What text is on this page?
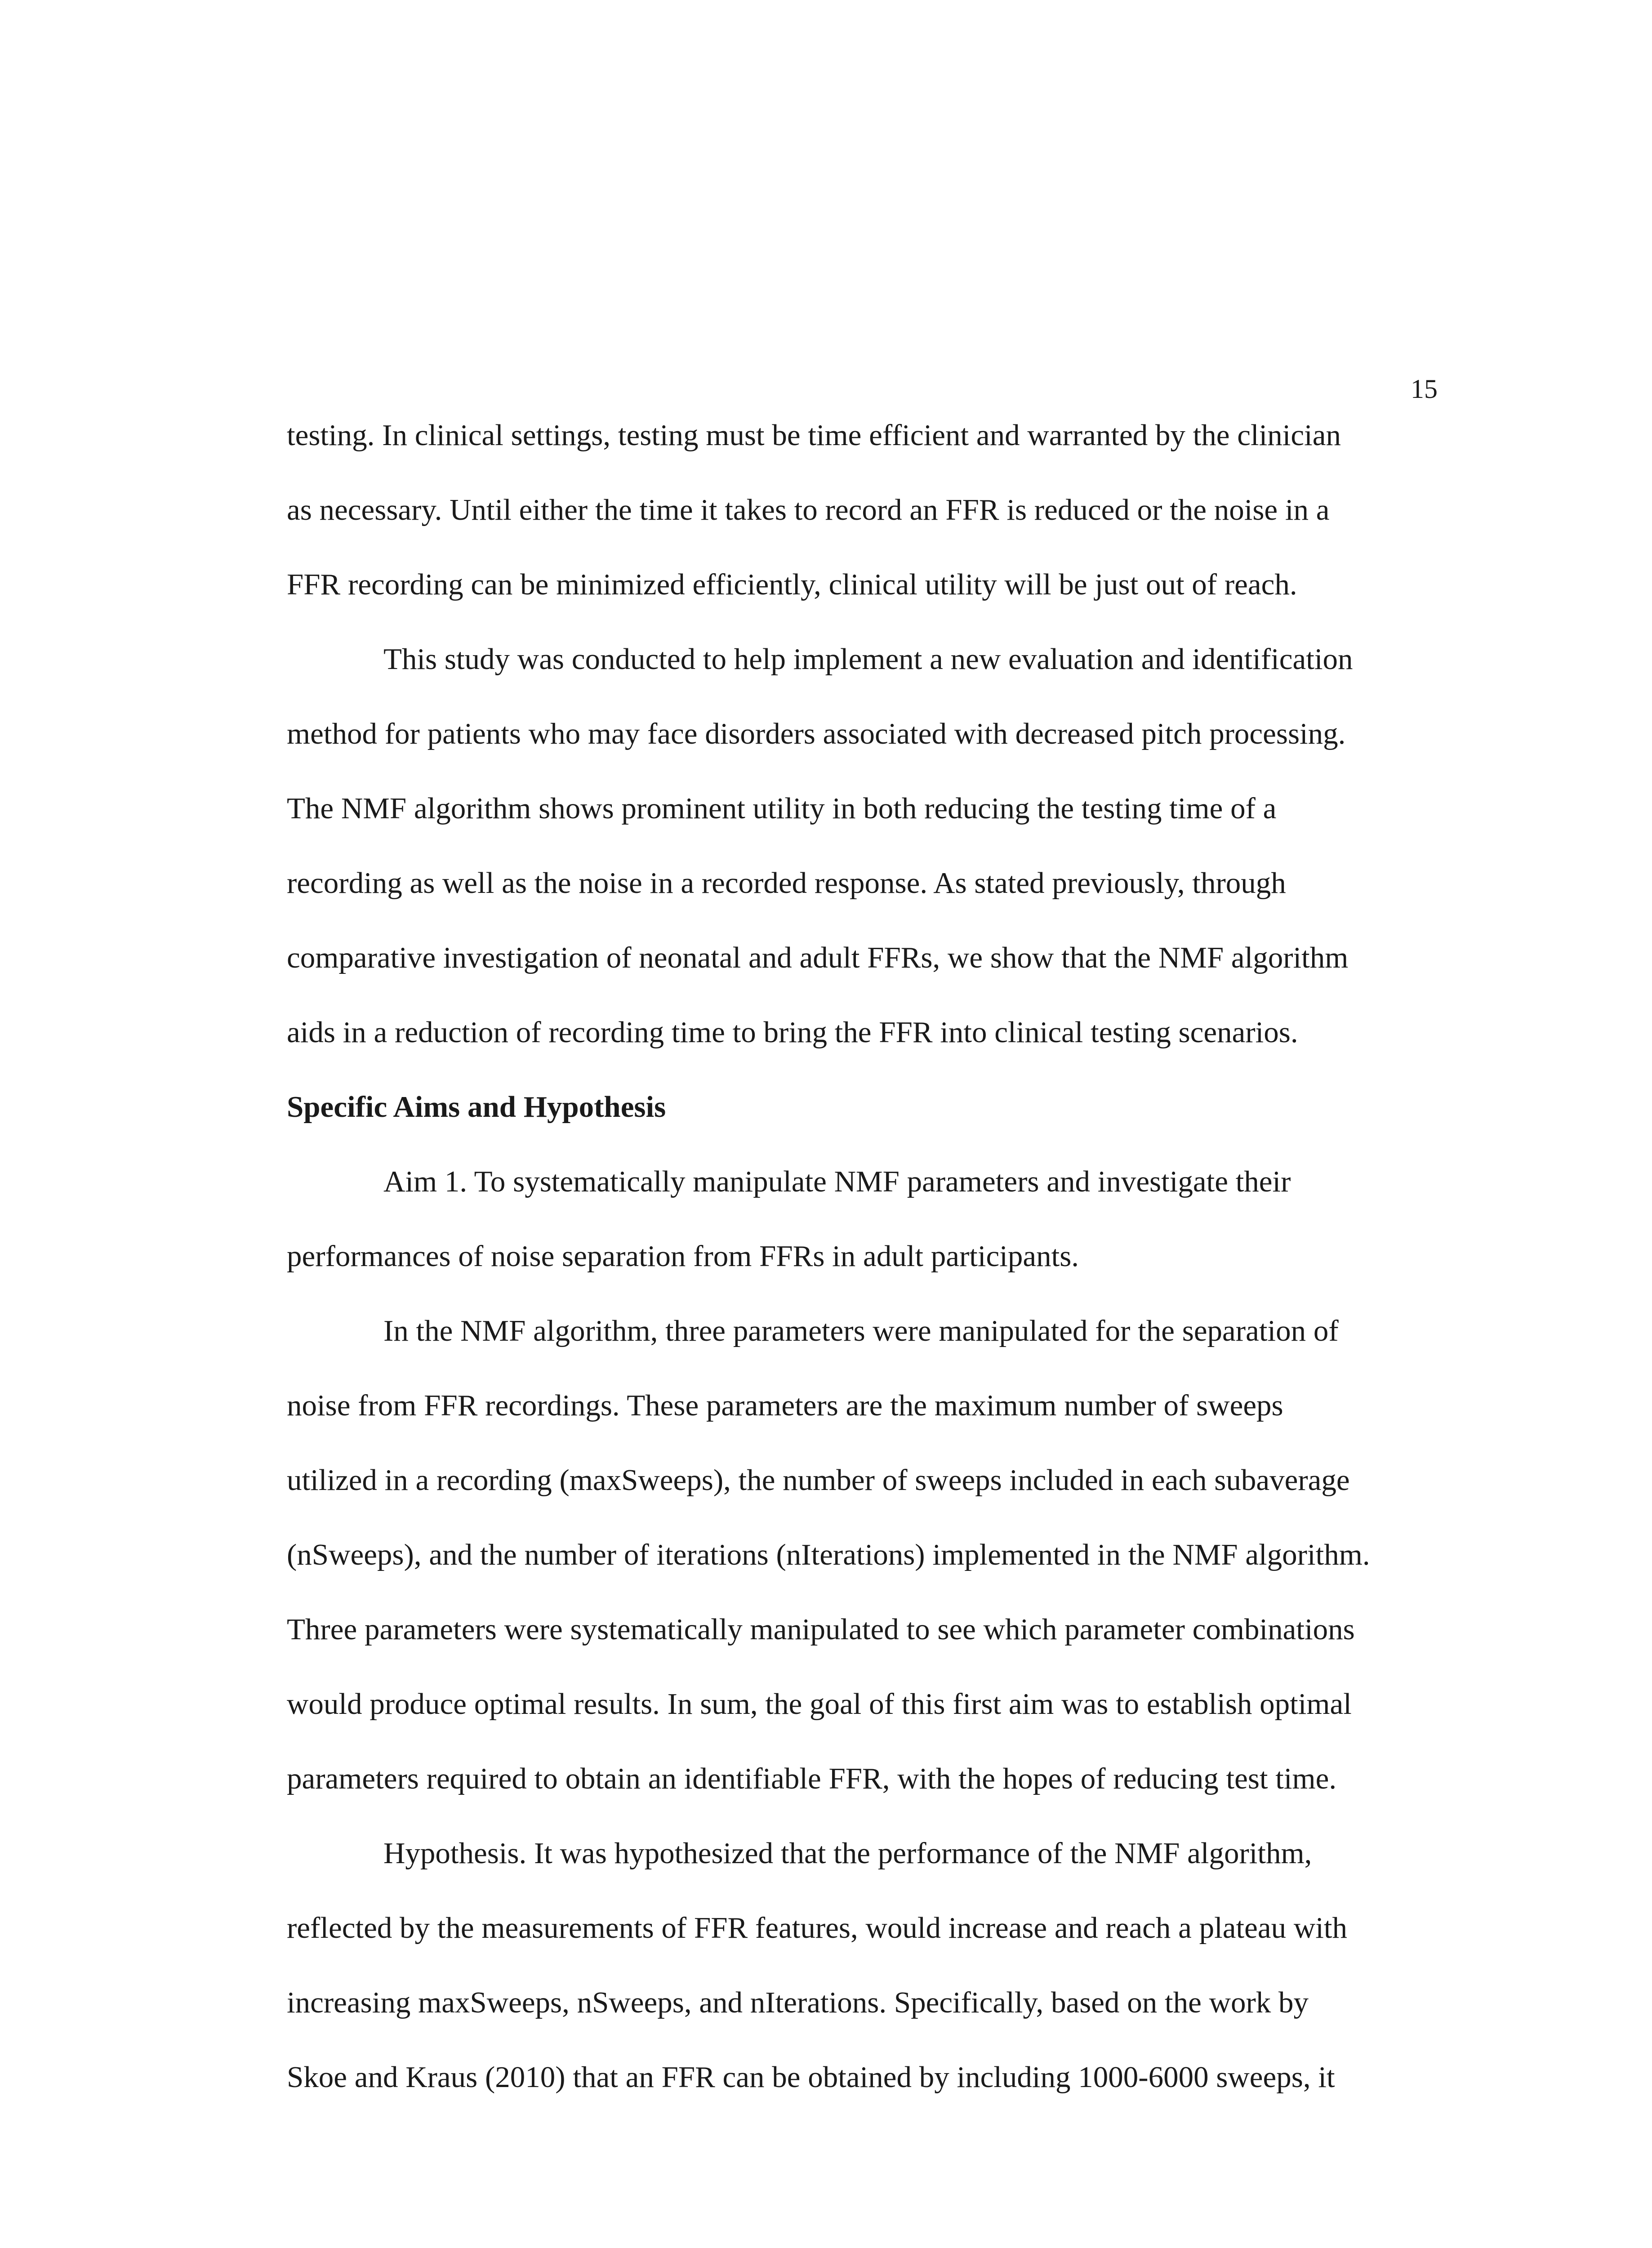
15
testing. In clinical settings, testing must be time efficient and warranted by the clinician
as necessary. Until either the time it takes to record an FFR is reduced or the noise in a
FFR recording can be minimized efficiently, clinical utility will be just out of reach.
This study was conducted to help implement a new evaluation and identification
method for patients who may face disorders associated with decreased pitch processing.
The NMF algorithm shows prominent utility in both reducing the testing time of a
recording as well as the noise in a recorded response. As stated previously, through
comparative investigation of neonatal and adult FFRs, we show that the NMF algorithm
aids in a reduction of recording time to bring the FFR into clinical testing scenarios.
Specific Aims and Hypothesis
Aim 1. To systematically manipulate NMF parameters and investigate their
performances of noise separation from FFRs in adult participants.
In the NMF algorithm, three parameters were manipulated for the separation of
noise from FFR recordings. These parameters are the maximum number of sweeps
utilized in a recording (maxSweeps), the number of sweeps included in each subaverage
(nSweeps), and the number of iterations (nIterations) implemented in the NMF algorithm.
Three parameters were systematically manipulated to see which parameter combinations
would produce optimal results. In sum, the goal of this first aim was to establish optimal
parameters required to obtain an identifiable FFR, with the hopes of reducing test time.
Hypothesis. It was hypothesized that the performance of the NMF algorithm,
reflected by the measurements of FFR features, would increase and reach a plateau with
increasing maxSweeps, nSweeps, and nIterations. Specifically, based on the work by
Skoe and Kraus (2010) that an FFR can be obtained by including 1000-6000 sweeps, it
